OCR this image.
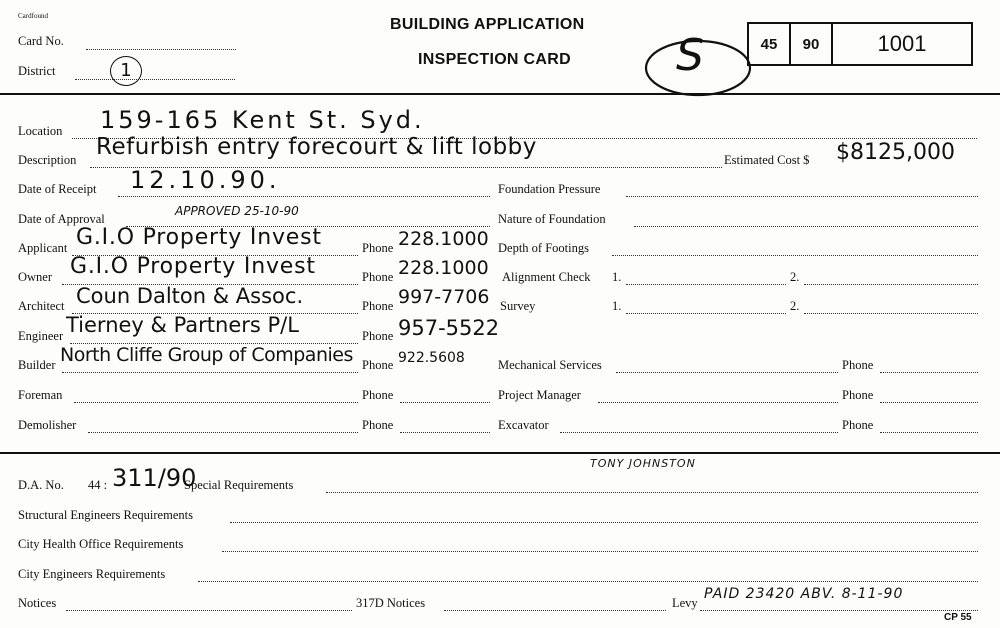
Cardfound
Card No.
District	1
BUILDING APPLICATION
INSPECTION CARD S	45	90	1001
Location 159-165 Kent St. Syd.
Description Refurbish entry forecourt & lift lobby	Estimated Cost $ $8125,000
Date of Receipt 12.10.90.
Date of Approval
APPROVED 25-10-90
Applicant G.I.O Property Invest	Phone 228.1000
Owner G.I.O Property Invest	Phone 228.1000
Architect Coun Dalton & Assoc.	Phone 997-7706
Engineer Tierney & Partners P/L	Phone 957-5522
Builder North Cliffe Group of Companies Phone 922.5608
Foreman	Phone
Demolisher	Phone
Foundation Pressure
Nature of Foundation
Depth of Footings
Alignment Check 1.	2.
Survey	1.	2.
Mechanical Services	Phone
Project Manager	Phone
Excavator	Phone
D.A. No. 44 : 311/90
Special Requirements
TONY JOHNSTON
Structural Engineers Requirements
City Health Office Requirements
City Engineers Requirements
Notices	317D Notices	Levy
PAID 23420 ABV. 8-11-90
CP 55
